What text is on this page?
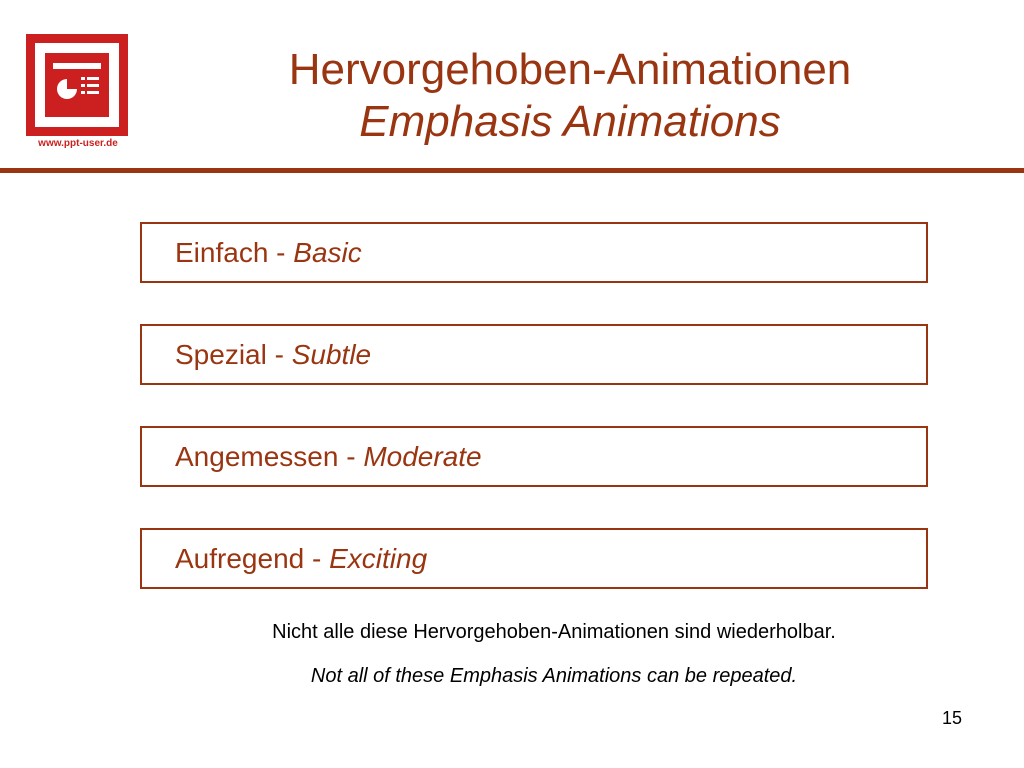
www.ppt-user.de
Hervorgehoben-Animationen
Emphasis Animations
Einfach - Basic
Spezial - Subtle
Angemessen - Moderate
Aufregend - Exciting
Nicht alle diese Hervorgehoben-Animationen sind wiederholbar.
Not all of these Emphasis Animations can be repeated.
15
